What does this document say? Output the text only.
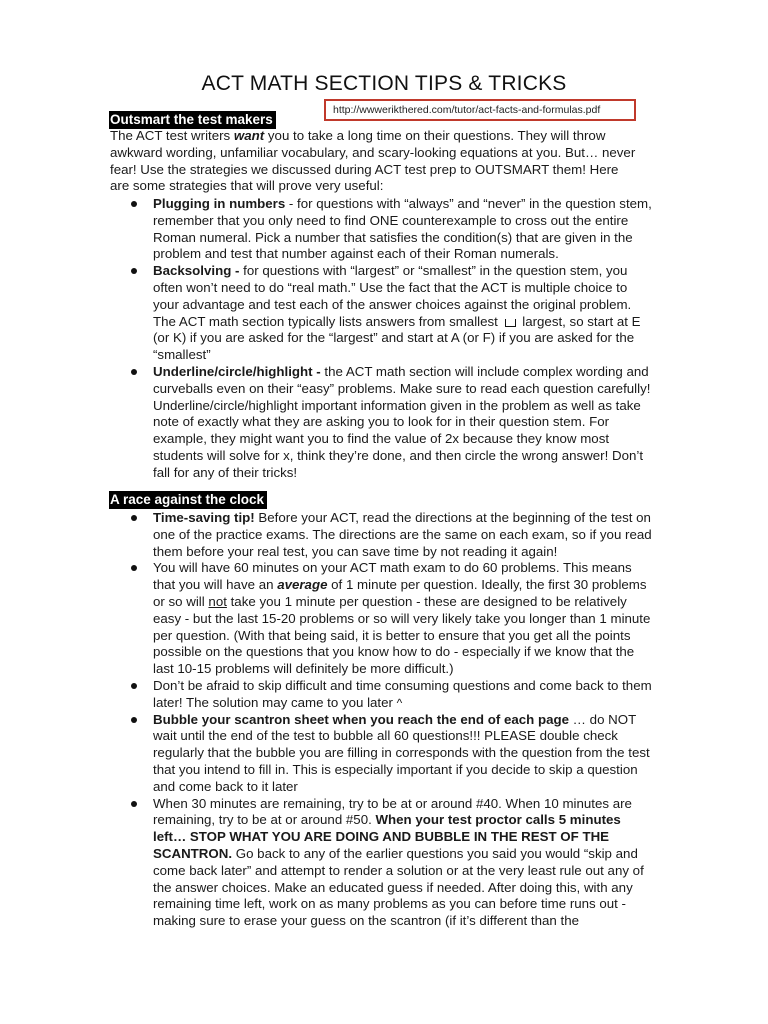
ACT MATH SECTION TIPS & TRICKS
http://wwwerikthered.com/tutor/act-facts-and-formulas.pdf
Outsmart the test makers

The ACT test writers want you to take a long time on their questions. They will throw awkward wording, unfamiliar vocabulary, and scary-looking equations at you. But… never fear! Use the strategies we discussed during ACT test prep to OUTSMART them! Here are some strategies that will prove very useful:

Plugging in numbers - for questions with “always” and “never” in the question stem, remember that you only need to find ONE counterexample to cross out the entire Roman numeral. Pick a number that satisfies the condition(s) that are given in the problem and test that number against each of their Roman numerals.
Backsolving - for questions with “largest” or “smallest” in the question stem, you often won’t need to do “real math.” Use the fact that the ACT is multiple choice to your advantage and test each of the answer choices against the original problem. The ACT math section typically lists answers from smallest largest, so start at E (or K) if you are asked for the “largest” and start at A (or F) if you are asked for the “smallest”
Underline/circle/highlight - the ACT math section will include complex wording and curveballs even on their “easy” problems. Make sure to read each question carefully! Underline/circle/highlight important information given in the problem as well as take note of exactly what they are asking you to look for in their question stem. For example, they might want you to find the value of 2x because they know most students will solve for x, think they’re done, and then circle the wrong answer! Don’t fall for any of their tricks!
A race against the clock
Time-saving tip! Before your ACT, read the directions at the beginning of the test on one of the practice exams. The directions are the same on each exam, so if you read them before your real test, you can save time by not reading it again!
You will have 60 minutes on your ACT math exam to do 60 problems. This means that you will have an average of 1 minute per question. Ideally, the first 30 problems or so will not take you 1 minute per question - these are designed to be relatively easy - but the last 15-20 problems or so will very likely take you longer than 1 minute per question. (With that being said, it is better to ensure that you get all the points possible on the questions that you know how to do - especially if we know that the last 10-15 problems will definitely be more difficult.)
Don’t be afraid to skip difficult and time consuming questions and come back to them later! The solution may came to you later ^
Bubble your scantron sheet when you reach the end of each page … do NOT wait until the end of the test to bubble all 60 questions!!! PLEASE double check regularly that the bubble you are filling in corresponds with the question from the test that you intend to fill in. This is especially important if you decide to skip a question and come back to it later
When 30 minutes are remaining, try to be at or around #40. When 10 minutes are remaining, try to be at or around #50. When your test proctor calls 5 minutes left… STOP WHAT YOU ARE DOING AND BUBBLE IN THE REST OF THE SCANTRON. Go back to any of the earlier questions you said you would “skip and come back later” and attempt to render a solution or at the very least rule out any of the answer choices. Make an educated guess if needed. After doing this, with any remaining time left, work on as many problems as you can before time runs out - making sure to erase your guess on the scantron (if it’s different than the
